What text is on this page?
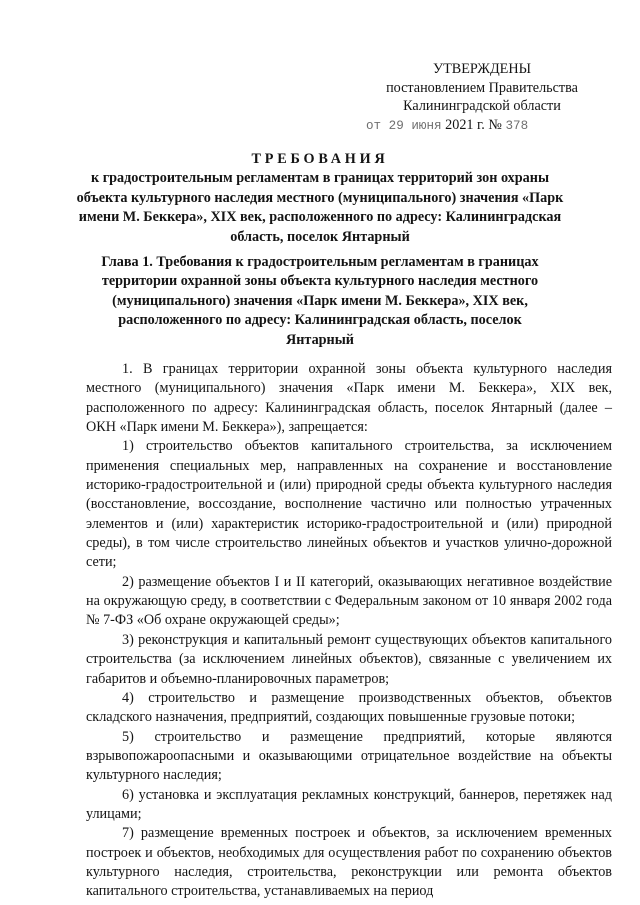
УТВЕРЖДЕНЫ
постановлением Правительства
Калининградской области
от 29 июня 2021 г. № 378
ТРЕБОВАНИЯ
к градостроительным регламентам в границах территорий зон охраны объекта культурного наследия местного (муниципального) значения «Парк имени М. Беккера», XIX век, расположенного по адресу: Калининградская область, поселок Янтарный
Глава 1. Требования к градостроительным регламентам в границах территории охранной зоны объекта культурного наследия местного (муниципального) значения «Парк имени М. Беккера», XIX век, расположенного по адресу: Калининградская область, поселок Янтарный

1. В границах территории охранной зоны объекта культурного наследия местного (муниципального) значения «Парк имени М. Беккера», XIX век, расположенного по адресу: Калининградская область, поселок Янтарный (далее – ОКН «Парк имени М. Беккера»), запрещается:

1) строительство объектов капитального строительства, за исключением применения специальных мер, направленных на сохранение и восстановление историко-градостроительной и (или) природной среды объекта культурного наследия (восстановление, воссоздание, восполнение частично или полностью утраченных элементов и (или) характеристик историко-градостроительной и (или) природной среды), в том числе строительство линейных объектов и участков улично-дорожной сети;

2) размещение объектов I и II категорий, оказывающих негативное воздействие на окружающую среду, в соответствии с Федеральным законом от 10 января 2002 года № 7-ФЗ «Об охране окружающей среды»;

3) реконструкция и капитальный ремонт существующих объектов капитального строительства (за исключением линейных объектов), связанные с увеличением их габаритов и объемно-планировочных параметров;

4) строительство и размещение производственных объектов, объектов складского назначения, предприятий, создающих повышенные грузовые потоки;

5) строительство и размещение предприятий, которые являются взрывопожароопасными и оказывающими отрицательное воздействие на объекты культурного наследия;

6) установка и эксплуатация рекламных конструкций, баннеров, перетяжек над улицами;

7) размещение временных построек и объектов, за исключением временных построек и объектов, необходимых для осуществления работ по сохранению объектов культурного наследия, строительства, реконструкции или ремонта объектов капитального строительства, устанавливаемых на период
